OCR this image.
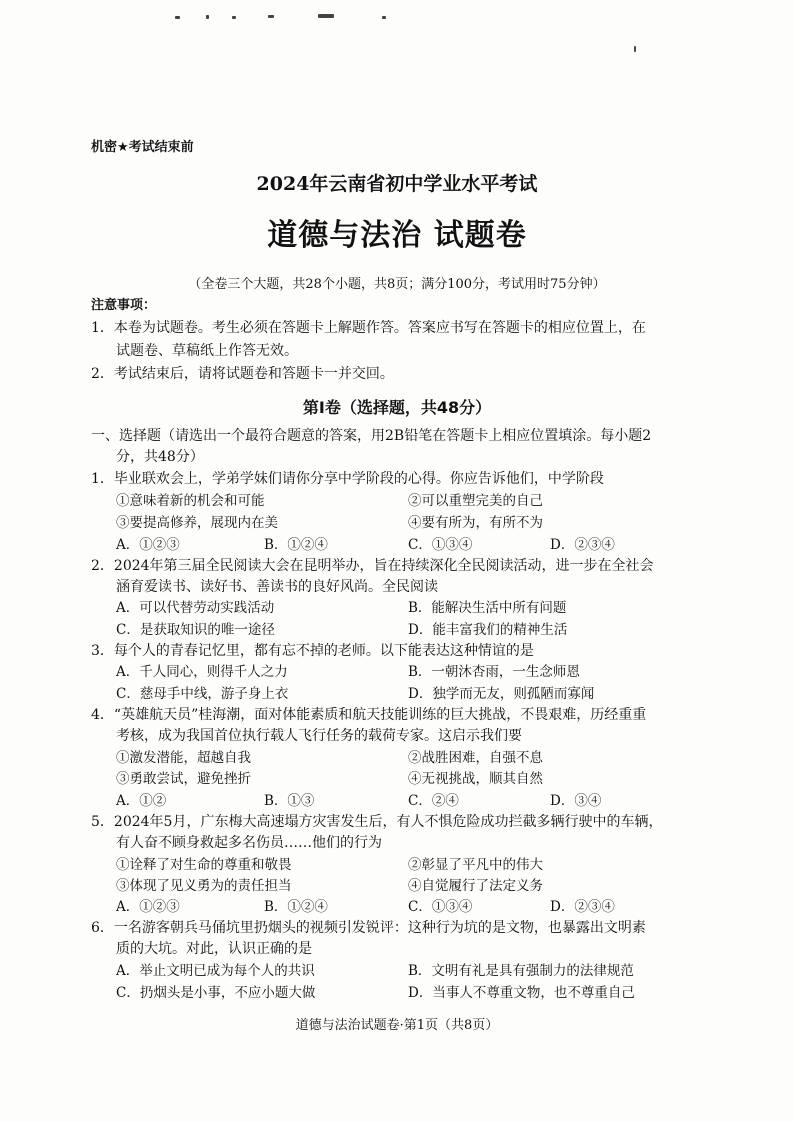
机密★考试结束前
2024年云南省初中学业水平考试
道德与法治 试题卷
（全卷三个大题，共28个小题，共8页；满分100分，考试用时75分钟）
注意事项：
1．本卷为试题卷。考生必须在答题卡上解题作答。答案应书写在答题卡的相应位置上，在
试题卷、草稿纸上作答无效。
2．考试结束后，请将试题卷和答题卡一并交回。
第Ⅰ卷（选择题，共48分）
一、选择题（请选出一个最符合题意的答案，用2B铅笔在答题卡上相应位置填涂。每小题2
分，共48分）
1．毕业联欢会上，学弟学妹们请你分享中学阶段的心得。你应告诉他们，中学阶段
①意味着新的机会和可能	②可以重塑完美的自己
③要提高修养，展现内在美	④要有所为，有所不为
A．①②③	B．①②④	C．①③④	D．②③④
2．2024年第三届全民阅读大会在昆明举办，旨在持续深化全民阅读活动，进一步在全社会
涵育爱读书、读好书、善读书的良好风尚。全民阅读
A．可以代替劳动实践活动	B．能解决生活中所有问题
C．是获取知识的唯一途径	D．能丰富我们的精神生活
3．每个人的青春记忆里，都有忘不掉的老师。以下能表达这种情谊的是
A．千人同心，则得千人之力	B．一朝沐杏雨，一生念师恩
C．慈母手中线，游子身上衣	D．独学而无友，则孤陋而寡闻
4．“英雄航天员”桂海潮，面对体能素质和航天技能训练的巨大挑战，不畏艰难，历经重重
考核，成为我国首位执行载人飞行任务的载荷专家。这启示我们要
①激发潜能，超越自我	②战胜困难，自强不息
③勇敢尝试，避免挫折	④无视挑战，顺其自然
A．①②	B．①③	C．②④	D．③④
5．2024年5月，广东梅大高速塌方灾害发生后，有人不惧危险成功拦截多辆行驶中的车辆，
有人奋不顾身救起多名伤员……他们的行为
①诠释了对生命的尊重和敬畏	②彰显了平凡中的伟大
③体现了见义勇为的责任担当	④自觉履行了法定义务
A．①②③	B．①②④	C．①③④	D．②③④
6．一名游客朝兵马俑坑里扔烟头的视频引发锐评：这种行为坑的是文物，也暴露出文明素
质的大坑。对此，认识正确的是
A．举止文明已成为每个人的共识	B．文明有礼是具有强制力的法律规范
C．扔烟头是小事，不应小题大做	D．当事人不尊重文物，也不尊重自己
道德与法治试题卷·第1页（共8页）
